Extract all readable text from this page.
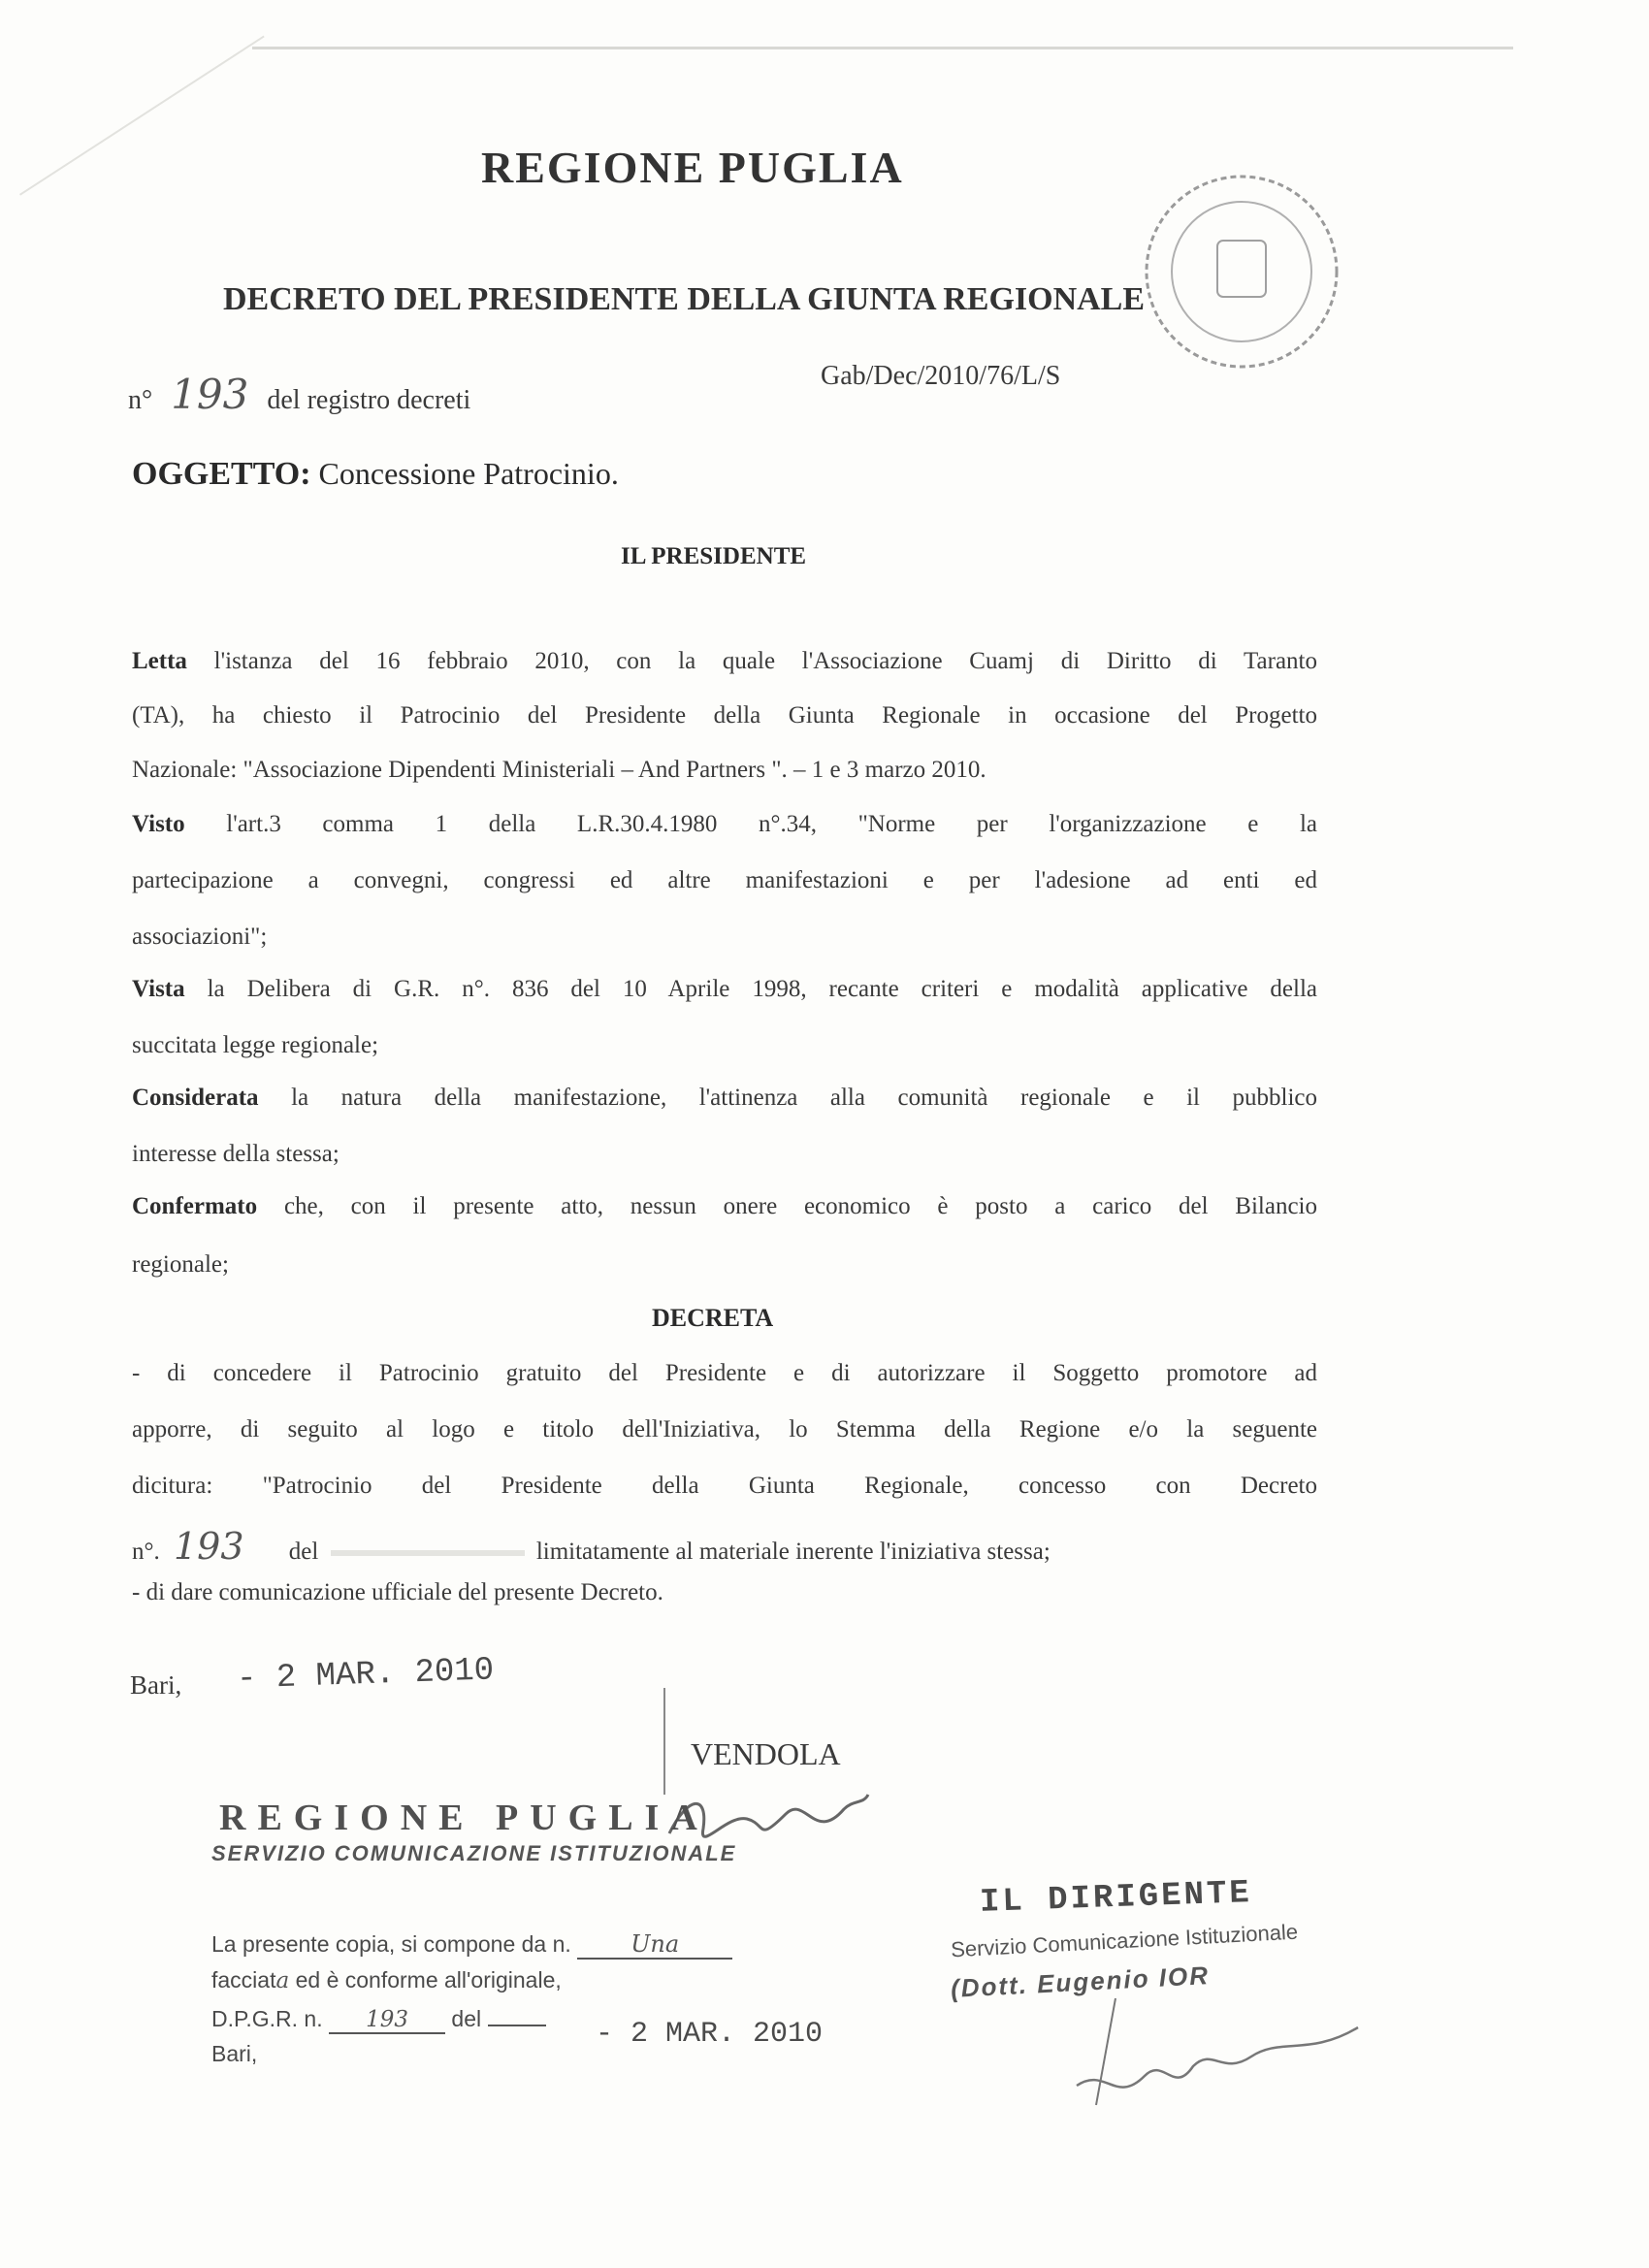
REGIONE PUGLIA
DECRETO DEL PRESIDENTE DELLA GIUNTA REGIONALE
n° 193 del registro decreti
Gab/Dec/2010/76/L/S
OGGETTO: Concessione Patrocinio.
IL PRESIDENTE
Letta l'istanza del 16 febbraio 2010, con la quale l'Associazione Cuamj di Diritto di Taranto
(TA), ha chiesto il Patrocinio del Presidente della Giunta Regionale in occasione del Progetto
Nazionale: "Associazione Dipendenti Ministeriali – And Partners ". – 1 e 3 marzo 2010.
Visto l'art.3 comma 1 della L.R.30.4.1980 n°.34, "Norme per l'organizzazione e la
partecipazione a convegni, congressi ed altre manifestazioni e per l'adesione ad enti ed
associazioni";
Vista la Delibera di G.R. n°. 836 del 10 Aprile 1998, recante criteri e modalità applicative della
succitata legge regionale;
Considerata la natura della manifestazione, l'attinenza alla comunità regionale e il pubblico
interesse della stessa;
Confermato che, con il presente atto, nessun onere economico è posto a carico del Bilancio
regionale;
DECRETA
- di concedere il Patrocinio gratuito del Presidente e di autorizzare il Soggetto promotore ad
apporre, di seguito al logo e titolo dell'Iniziativa, lo Stemma della Regione e/o la seguente
dicitura: "Patrocinio del Presidente della Giunta Regionale, concesso con Decreto
n°. 193 del	limitatamente al materiale inerente l'iniziativa stessa;
- di dare comunicazione ufficiale del presente Decreto.
Bari, - 2 MAR. 2010
VENDOLA
REGIONE PUGLIA
SERVIZIO COMUNICAZIONE ISTITUZIONALE
La presente copia, si compone da n.	Una
facciata ed è conforme all'originale,
D.P.G.R. n. 193 del	- 2 MAR. 2010
Bari,
IL DIRIGENTE
Servizio Comunicazione Istituzionale
(Dott. Eugenio IOR
